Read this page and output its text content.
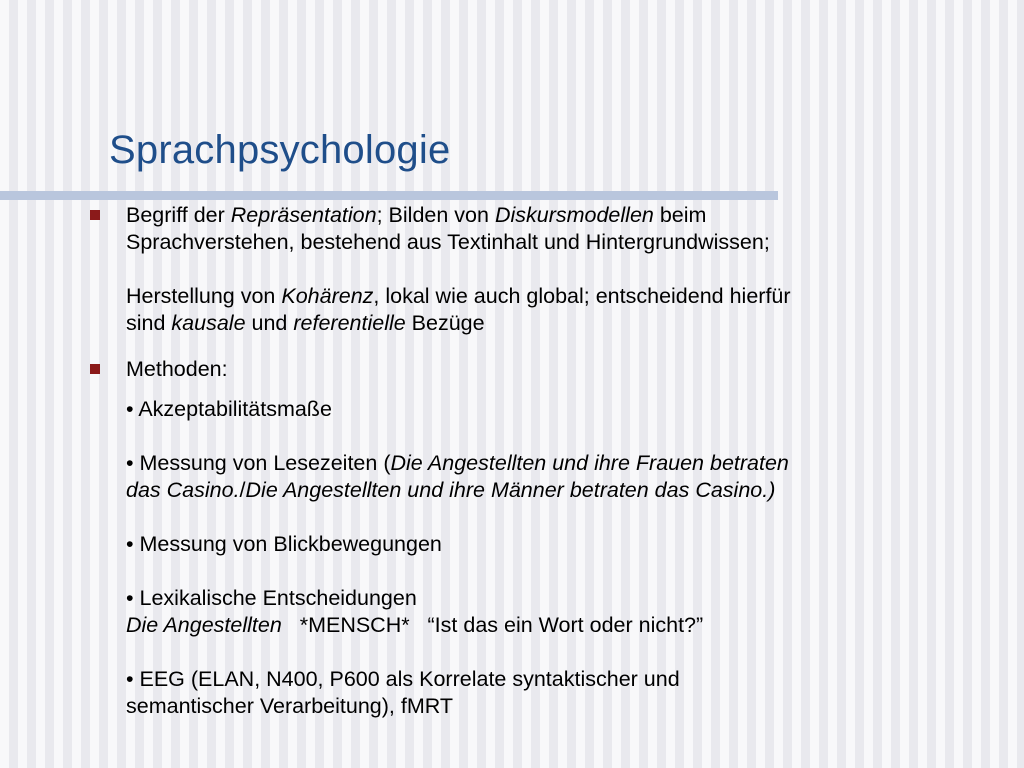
Sprachpsychologie
Begriff der Repräsentation; Bilden von Diskursmodellen beim
Sprachverstehen, bestehend aus Textinhalt und Hintergrundwissen;
Herstellung von Kohärenz, lokal wie auch global; entscheidend hierfür
sind kausale und referentielle Bezüge
Methoden:
• Akzeptabilitätsmaße
• Messung von Lesezeiten (Die Angestellten und ihre Frauen betraten
das Casino./Die Angestellten und ihre Männer betraten das Casino.)
• Messung von Blickbewegungen
• Lexikalische Entscheidungen
Die Angestellten   *MENSCH*   “Ist das ein Wort oder nicht?”
• EEG (ELAN, N400, P600 als Korrelate syntaktischer und
semantischer Verarbeitung), fMRT
